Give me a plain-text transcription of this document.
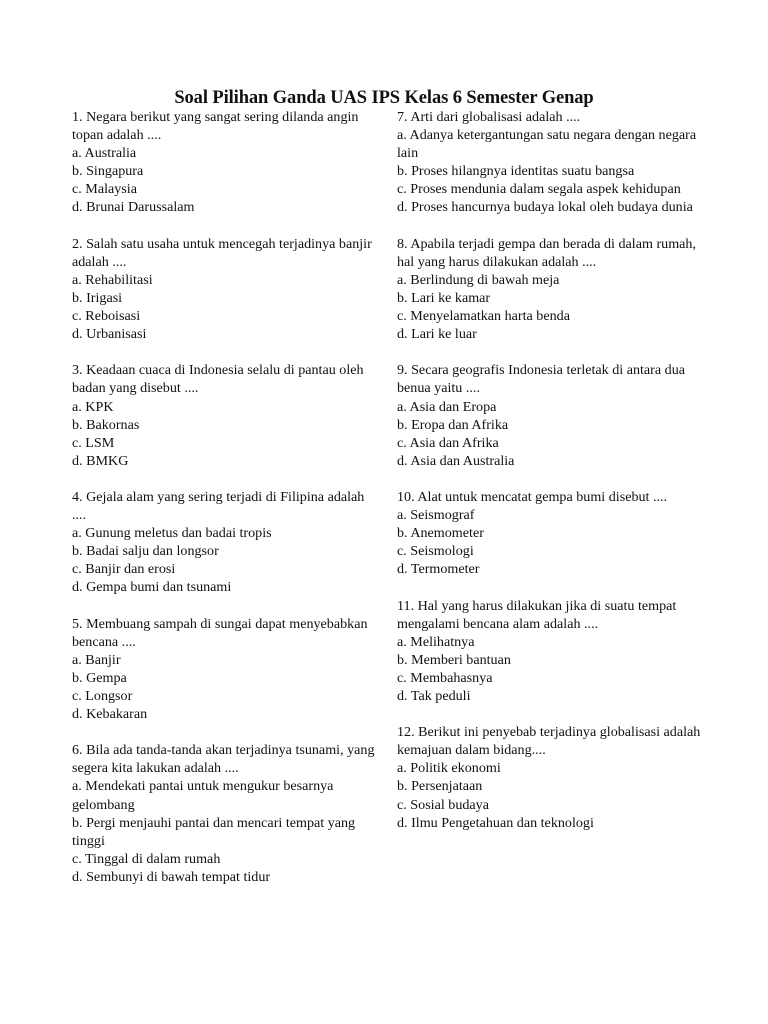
Soal Pilihan Ganda UAS IPS Kelas 6 Semester Genap
1. Negara berikut yang sangat sering dilanda angin topan adalah ....
a. Australia
b. Singapura
c. Malaysia
d. Brunai Darussalam
2. Salah satu usaha untuk mencegah terjadinya banjir adalah ....
a. Rehabilitasi
b. Irigasi
c. Reboisasi
d. Urbanisasi
3. Keadaan cuaca di Indonesia selalu di pantau oleh badan yang disebut ....
a. KPK
b. Bakornas
c. LSM
d. BMKG
4. Gejala alam yang sering terjadi di Filipina adalah ....
a. Gunung meletus dan badai tropis
b. Badai salju dan longsor
c. Banjir dan erosi
d. Gempa bumi dan tsunami
5. Membuang sampah di sungai dapat menyebabkan bencana ....
a. Banjir
b. Gempa
c. Longsor
d. Kebakaran
6. Bila ada tanda-tanda akan terjadinya tsunami, yang segera kita lakukan adalah ....
a. Mendekati pantai untuk mengukur besarnya gelombang
b. Pergi menjauhi pantai dan mencari tempat yang tinggi
c. Tinggal di dalam rumah
d. Sembunyi di bawah tempat tidur
7. Arti dari globalisasi adalah ....
a. Adanya ketergantungan satu negara dengan negara lain
b. Proses hilangnya identitas suatu bangsa
c. Proses mendunia dalam segala aspek kehidupan
d. Proses hancurnya budaya lokal oleh budaya dunia
8. Apabila terjadi gempa dan berada di dalam rumah, hal yang harus dilakukan adalah ....
a. Berlindung di bawah meja
b. Lari ke kamar
c. Menyelamatkan harta benda
d. Lari ke luar
9. Secara geografis Indonesia terletak di antara dua benua yaitu ....
a. Asia dan Eropa
b. Eropa dan Afrika
c. Asia dan Afrika
d. Asia dan Australia
10. Alat untuk mencatat gempa bumi disebut ....
a. Seismograf
b. Anemometer
c. Seismologi
d. Termometer
11. Hal yang harus dilakukan jika di suatu tempat mengalami bencana alam adalah ....
a. Melihatnya
b. Memberi bantuan
c. Membahasnya
d. Tak peduli
12. Berikut ini penyebab terjadinya globalisasi adalah kemajuan dalam bidang....
a. Politik ekonomi
b. Persenjataan
c. Sosial budaya
d. Ilmu Pengetahuan dan teknologi
